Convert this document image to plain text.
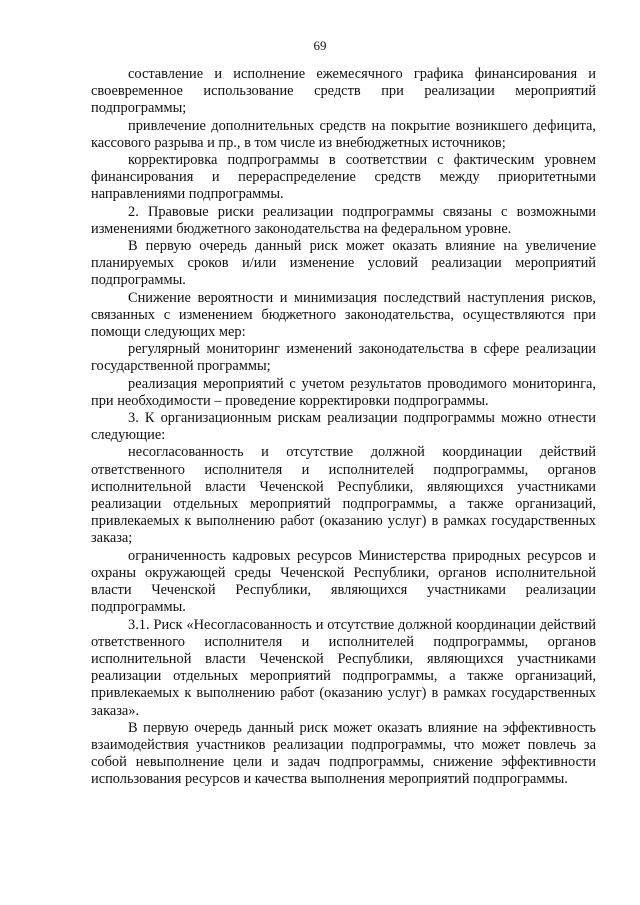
69

составление и исполнение ежемесячного графика финансирования и своевременное использование средств при реализации мероприятий подпрограммы;

привлечение дополнительных средств на покрытие возникшего дефицита, кассового разрыва и пр., в том числе из внебюджетных источников;

корректировка подпрограммы в соответствии с фактическим уровнем финансирования и перераспределение средств между приоритетными направлениями подпрограммы.

2. Правовые риски реализации подпрограммы связаны с возможными изменениями бюджетного законодательства на федеральном уровне.

В первую очередь данный риск может оказать влияние на увеличение планируемых сроков и/или изменение условий реализации мероприятий подпрограммы.

Снижение вероятности и минимизация последствий наступления рисков, связанных с изменением бюджетного законодательства, осуществляются при помощи следующих мер:

регулярный мониторинг изменений законодательства в сфере реализации государственной программы;

реализация мероприятий с учетом результатов проводимого мониторинга, при необходимости – проведение корректировки подпрограммы.

3. К организационным рискам реализации подпрограммы можно отнести следующие:

несогласованность и отсутствие должной координации действий ответственного исполнителя и исполнителей подпрограммы, органов исполнительной власти Чеченской Республики, являющихся участниками реализации отдельных мероприятий подпрограммы, а также организаций, привлекаемых к выполнению работ (оказанию услуг) в рамках государственных заказа;

ограниченность кадровых ресурсов Министерства природных ресурсов и охраны окружающей среды Чеченской Республики, органов исполнительной власти Чеченской Республики, являющихся участниками реализации подпрограммы.

3.1. Риск «Несогласованность и отсутствие должной координации действий ответственного исполнителя и исполнителей подпрограммы, органов исполнительной власти Чеченской Республики, являющихся участниками реализации отдельных мероприятий подпрограммы, а также организаций, привлекаемых к выполнению работ (оказанию услуг) в рамках государственных заказа».

В первую очередь данный риск может оказать влияние на эффективность взаимодействия участников реализации подпрограммы, что может повлечь за собой невыполнение цели и задач подпрограммы, снижение эффективности использования ресурсов и качества выполнения мероприятий подпрограммы.
